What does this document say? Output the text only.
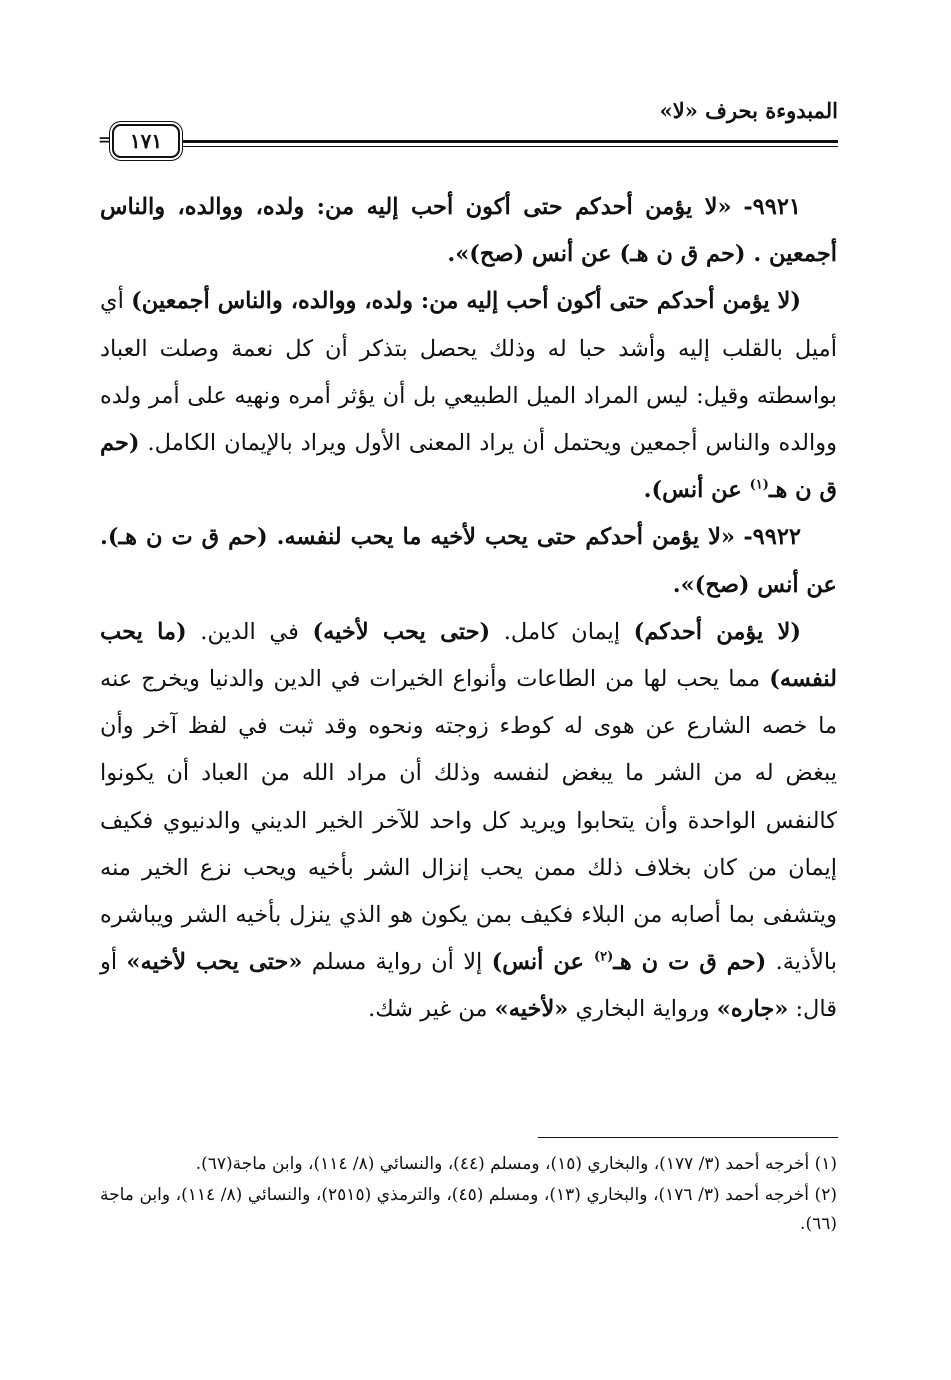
المبدوءة بحرف «لا»
١٧١
=

٩٩٢١- «لا يؤمن أحدكم حتى أكون أحب إليه من: ولده، ووالده، والناس أجمعين . (حم ق ن هـ) عن أنس (صح)».

(لا يؤمن أحدكم حتى أكون أحب إليه من: ولده، ووالده، والناس أجمعين) أي أميل بالقلب إليه وأشد حبا له وذلك يحصل بتذكر أن كل نعمة وصلت العباد بواسطته وقيل: ليس المراد الميل الطبيعي بل أن يؤثر أمره ونهيه على أمر ولده ووالده والناس أجمعين ويحتمل أن يراد المعنى الأول ويراد بالإيمان الكامل. (حم ق ن هـ$^{(١)}$ عن أنس).

٩٩٢٢- «لا يؤمن أحدكم حتى يحب لأخيه ما يحب لنفسه. (حم ق ت ن هـ). عن أنس (صح)».

(لا يؤمن أحدكم) إيمان كامل. (حتى يحب لأخيه) في الدين. (ما يحب لنفسه) مما يحب لها من الطاعات وأنواع الخيرات في الدين والدنيا ويخرج عنه ما خصه الشارع عن هوى له كوطء زوجته ونحوه وقد ثبت في لفظ آخر وأن يبغض له من الشر ما يبغض لنفسه وذلك أن مراد الله من العباد أن يكونوا كالنفس الواحدة وأن يتحابوا ويريد كل واحد للآخر الخير الديني والدنيوي فكيف إيمان من كان بخلاف ذلك ممن يحب إنزال الشر بأخيه ويحب نزع الخير منه ويتشفى بما أصابه من البلاء فكيف بمن يكون هو الذي ينزل بأخيه الشر ويباشره بالأذية. (حم ق ت ن هـ$^{(٢)}$ عن أنس) إلا أن رواية مسلم «حتى يحب لأخيه» أو قال: «جاره» ورواية البخاري «لأخيه» من غير شك.

(١) أخرجه أحمد (٣/ ١٧٧)، والبخاري (١٥)، ومسلم (٤٤)، والنسائي (٨/ ١١٤)، وابن ماجة(٦٧).

(٢) أخرجه أحمد (٣/ ١٧٦)، والبخاري (١٣)، ومسلم (٤٥)، والترمذي (٢٥١٥)، والنسائي (٨/ ١١٤)، وابن ماجة (٦٦).
